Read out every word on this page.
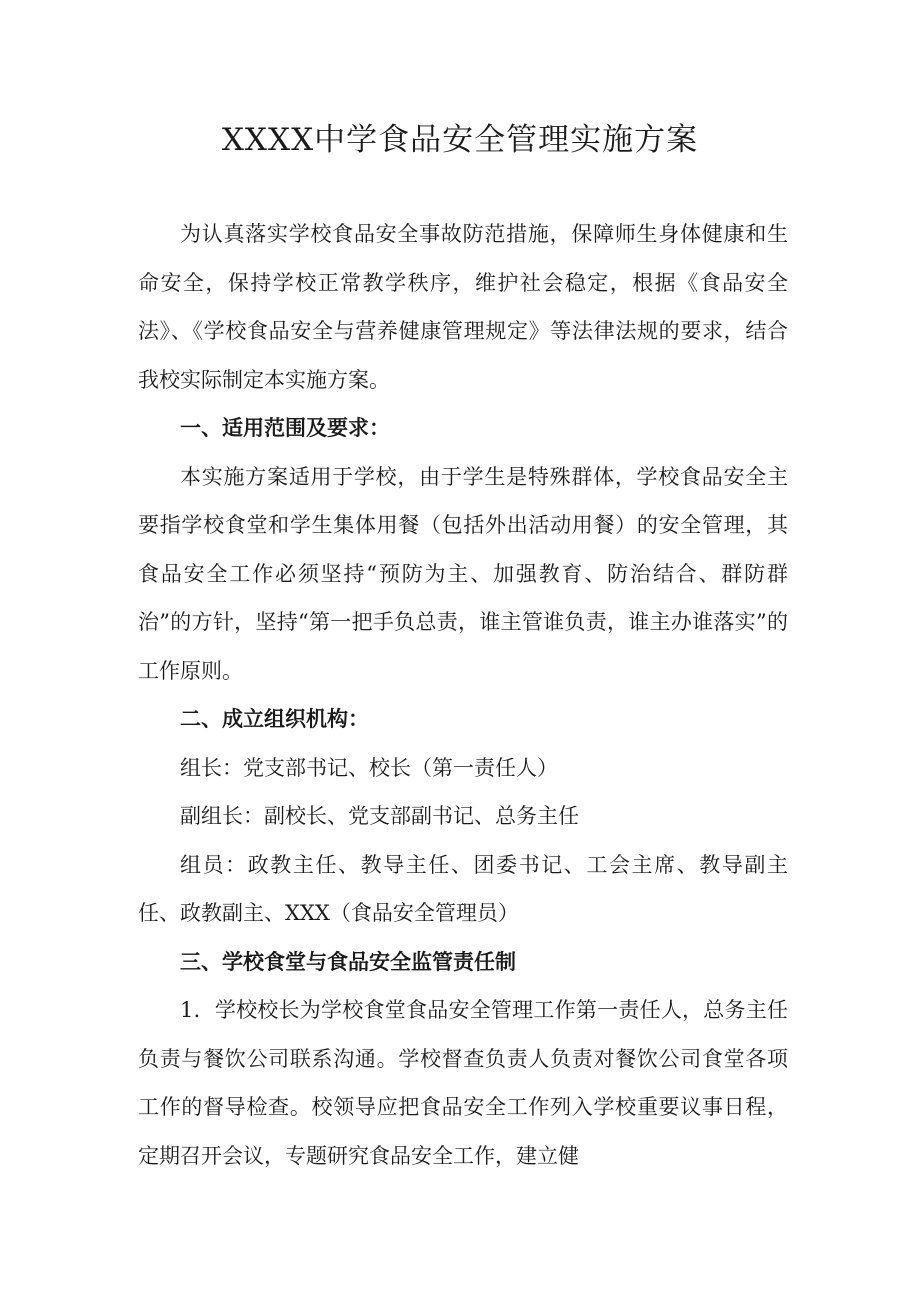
XXXX中学食品安全管理实施方案

为认真落实学校食品安全事故防范措施，保障师生身体健康和生命安全，保持学校正常教学秩序，维护社会稳定，根据《食品安全法》、《学校食品安全与营养健康管理规定》等法律法规的要求，结合我校实际制定本实施方案。

一、适用范围及要求：

本实施方案适用于学校，由于学生是特殊群体，学校食品安全主要指学校食堂和学生集体用餐（包括外出活动用餐）的安全管理，其食品安全工作必须坚持“预防为主、加强教育、防治结合、群防群治”的方针，坚持“第一把手负总责，谁主管谁负责，谁主办谁落实”的工作原则。

二、成立组织机构：

组长：党支部书记、校长（第一责任人）

副组长：副校长、党支部副书记、总务主任

组员：政教主任、教导主任、团委书记、工会主席、教导副主任、政教副主、XXX（食品安全管理员）

三、学校食堂与食品安全监管责任制

1．学校校长为学校食堂食品安全管理工作第一责任人，总务主任负责与餐饮公司联系沟通。学校督查负责人负责对餐饮公司食堂各项工作的督导检查。校领导应把食品安全工作列入学校重要议事日程，定期召开会议，专题研究食品安全工作，建立健
